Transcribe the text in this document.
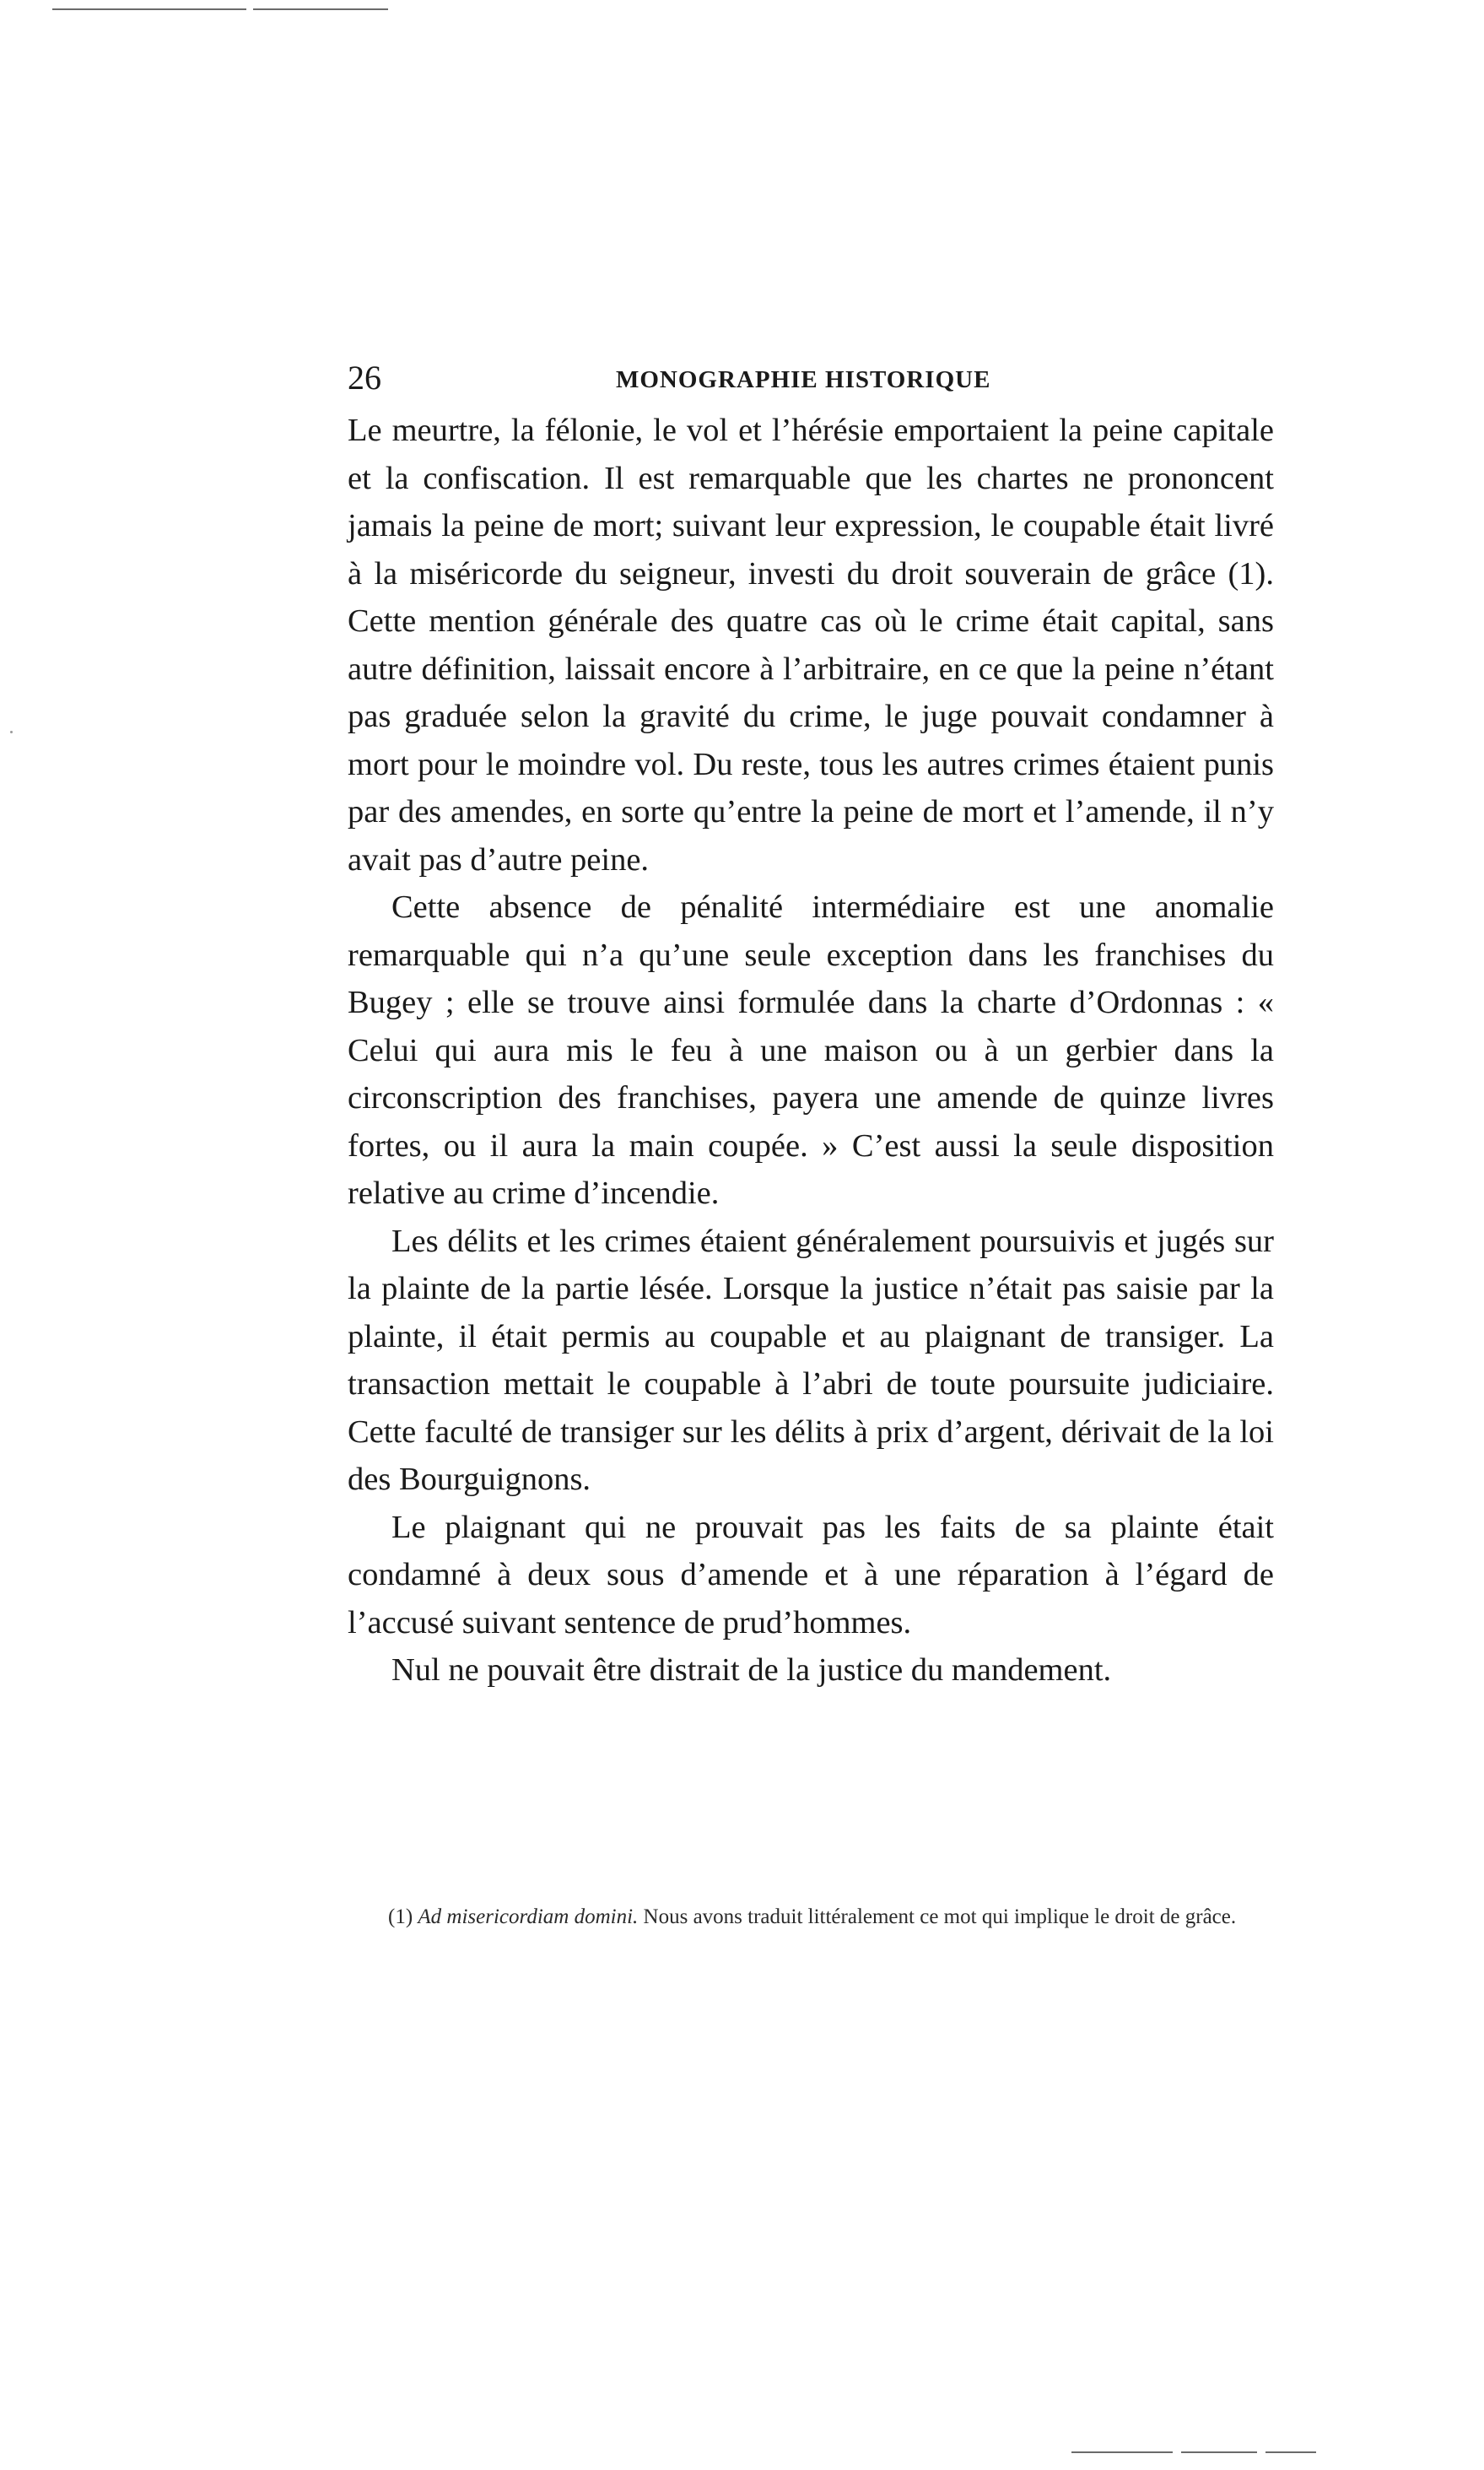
26	MONOGRAPHIE HISTORIQUE

Le meurtre, la félonie, le vol et l’hérésie emportaient la peine capitale et la confiscation. Il est remarquable que les chartes ne prononcent jamais la peine de mort; suivant leur expression, le coupable était livré à la miséricorde du seigneur, investi du droit souverain de grâce (1). Cette mention générale des quatre cas où le crime était capital, sans autre définition, laissait encore à l’arbitraire, en ce que la peine n’étant pas graduée selon la gravité du crime, le juge pouvait condamner à mort pour le moindre vol. Du reste, tous les autres crimes étaient punis par des amendes, en sorte qu’entre la peine de mort et l’amende, il n’y avait pas d’autre peine.

Cette absence de pénalité intermédiaire est une anomalie remarquable qui n’a qu’une seule exception dans les franchises du Bugey ; elle se trouve ainsi formulée dans la charte d’Ordonnas : « Celui qui aura mis le feu à une maison ou à un gerbier dans la circonscription des franchises, payera une amende de quinze livres fortes, ou il aura la main coupée. » C’est aussi la seule disposition relative au crime d’incendie.

Les délits et les crimes étaient généralement poursuivis et jugés sur la plainte de la partie lésée. Lorsque la justice n’était pas saisie par la plainte, il était permis au coupable et au plaignant de transiger. La transaction mettait le coupable à l’abri de toute poursuite judiciaire. Cette faculté de transiger sur les délits à prix d’argent, dérivait de la loi des Bourguignons.

Le plaignant qui ne prouvait pas les faits de sa plainte était condamné à deux sous d’amende et à une réparation à l’égard de l’accusé suivant sentence de prud’hommes.

Nul ne pouvait être distrait de la justice du mandement.

(1) Ad misericordiam domini. Nous avons traduit littéralement ce mot qui implique le droit de grâce.
